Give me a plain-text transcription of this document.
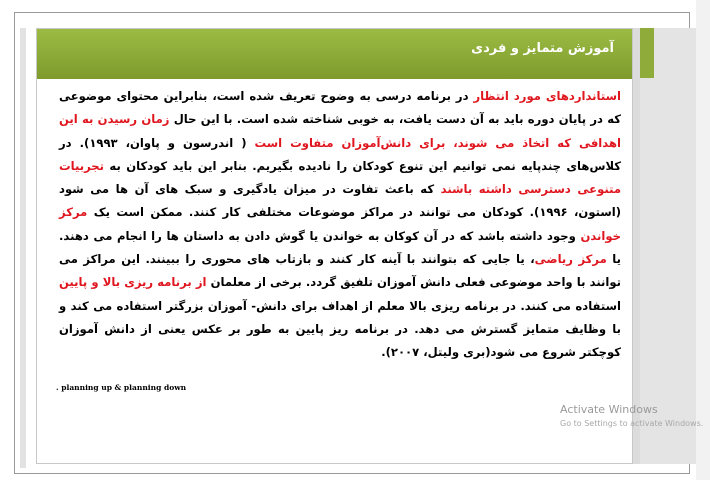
آموزش متمایز و فردی
استانداردهای مورد انتظار در برنامه درسی به وضوح تعریف شده است، بنابراین محتوای موضوعی که در پایان دوره باید به آن دست یافت، به خوبی شناخته شده است. با این حال زمان رسیدن به این اهدافی که اتخاذ می شوند، برای دانش‌آموزان متفاوت است ( اندرسون و پاوان، ۱۹۹۳). در کلاس‌های چندپایه نمی توانیم این تنوع کودکان را نادیده بگیریم. بنابر این باید کودکان به تجربیات متنوعی دسترسی داشته باشند که باعث تفاوت در میزان یادگیری و سبک های آن ها می شود (استون، ۱۹۹۶). کودکان می توانند در مراکز موضوعات مختلفی کار کنند. ممکن است یک مرکز خواندن وجود داشته باشد که در آن کوکان به خواندن یا گوش دادن به داستان ها را انجام می دهند. یا مرکز ریاضی، یا جایی که بتوانند با آینه کار کنند و بازتاب های محوری را ببینند. این مراکز می توانند با واحد موضوعی فعلی دانش آموزان تلفیق گردد. برخی از معلمان از برنامه ریزی بالا و پایین استفاده می کنند. در برنامه ریزی بالا معلم از اهداف برای دانش- آموزان بزرگتر استفاده می کند و با وظایف متمایز گسترش می دهد. در برنامه ریز پایین به طور بر عکس یعنی از دانش آموزان کوچکتر شروع می شود(بری ولیتل، ۲۰۰۷).
. planning up & planning down
Activate Windows
Go to Settings to activate Windows.
